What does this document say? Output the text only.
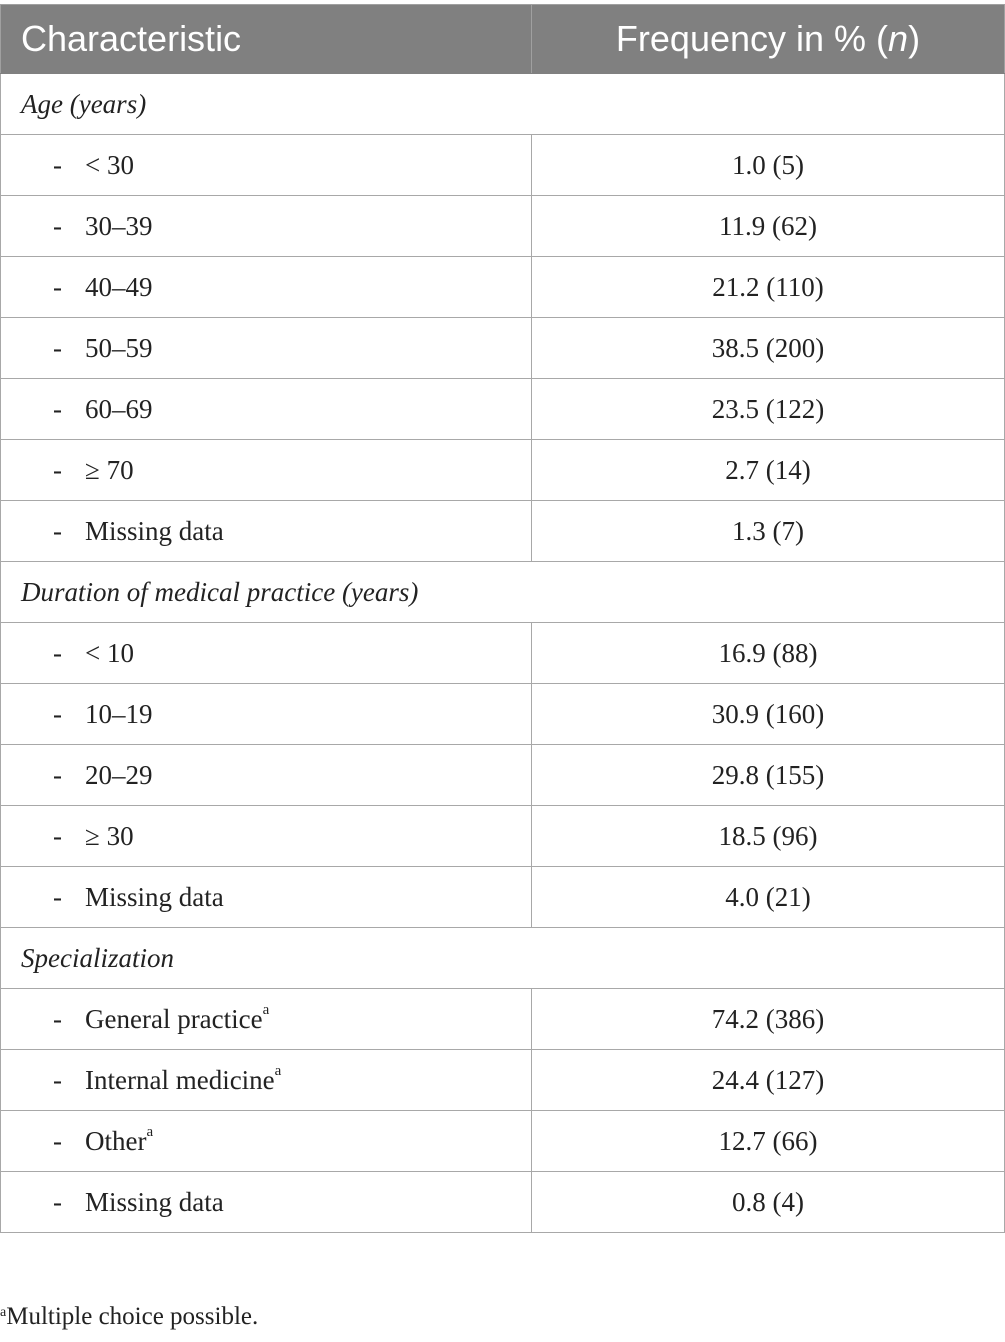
Characteristic	Frequency in % (n)
Age (years)	
- < 30	1.0 (5)
- 30–39	11.9 (62)
- 40–49	21.2 (110)
- 50–59	38.5 (200)
- 60–69	23.5 (122)
- ≥ 70	2.7 (14)
- Missing data	1.3 (7)
Duration of medical practice (years)	
- < 10	16.9 (88)
- 10–19	30.9 (160)
- 20–29	29.8 (155)
- ≥ 30	18.5 (96)
- Missing data	4.0 (21)
Specialization	
- General practice$^a$	74.2 (386)
- Internal medicine$^a$	24.4 (127)
- Other$^a$	12.7 (66)
- Missing data	0.8 (4)
$^a$Multiple choice possible.
